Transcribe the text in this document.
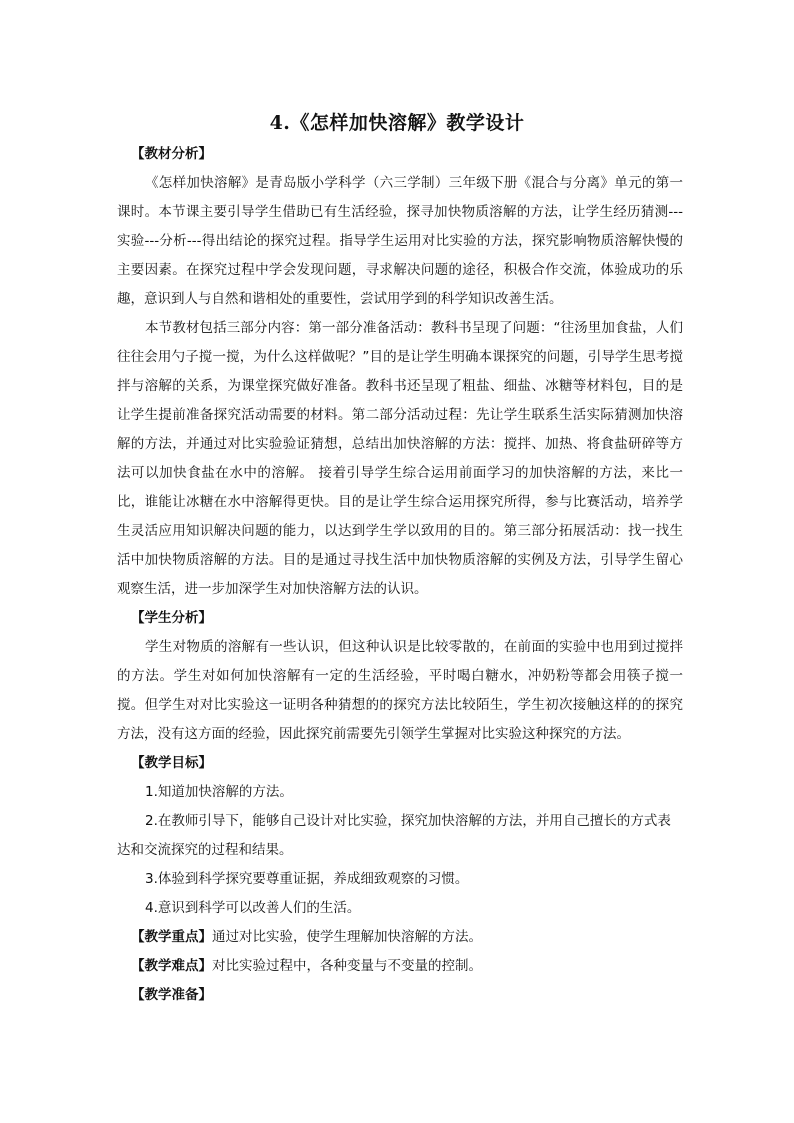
4.《怎样加快溶解》教学设计

【教材分析】

《怎样加快溶解》是青岛版小学科学（六三学制）三年级下册《混合与分离》单元的第一课时。本节课主要引导学生借助已有生活经验，探寻加快物质溶解的方法，让学生经历猜测---实验---分析---得出结论的探究过程。指导学生运用对比实验的方法，探究影响物质溶解快慢的主要因素。在探究过程中学会发现问题，寻求解决问题的途径，积极合作交流，体验成功的乐趣，意识到人与自然和谐相处的重要性，尝试用学到的科学知识改善生活。

本节教材包括三部分内容：第一部分准备活动：教科书呈现了问题：“往汤里加食盐，人们往往会用勺子搅一搅，为什么这样做呢？”目的是让学生明确本课探究的问题，引导学生思考搅拌与溶解的关系，为课堂探究做好准备。教科书还呈现了粗盐、细盐、冰糖等材料包，目的是让学生提前准备探究活动需要的材料。第二部分活动过程：先让学生联系生活实际猜测加快溶解的方法，并通过对比实验验证猜想，总结出加快溶解的方法：搅拌、加热、将食盐研碎等方法可以加快食盐在水中的溶解。 接着引导学生综合运用前面学习的加快溶解的方法，来比一比，谁能让冰糖在水中溶解得更快。目的是让学生综合运用探究所得，参与比赛活动，培养学生灵活应用知识解决问题的能力，以达到学生学以致用的目的。第三部分拓展活动：找一找生活中加快物质溶解的方法。目的是通过寻找生活中加快物质溶解的实例及方法，引导学生留心观察生活，进一步加深学生对加快溶解方法的认识。

【学生分析】

学生对物质的溶解有一些认识，但这种认识是比较零散的，在前面的实验中也用到过搅拌的方法。学生对如何加快溶解有一定的生活经验，平时喝白糖水，冲奶粉等都会用筷子搅一搅。但学生对对比实验这一证明各种猜想的的探究方法比较陌生，学生初次接触这样的的探究方法，没有这方面的经验，因此探究前需要先引领学生掌握对比实验这种探究的方法。

【教学目标】

1.知道加快溶解的方法。

2.在教师引导下，能够自己设计对比实验，探究加快溶解的方法，并用自己擅长的方式表达和交流探究的过程和结果。

3.体验到科学探究要尊重证据，养成细致观察的习惯。

4.意识到科学可以改善人们的生活。

【教学重点】通过对比实验，使学生理解加快溶解的方法。

【教学难点】对比实验过程中，各种变量与不变量的控制。

【教学准备】
